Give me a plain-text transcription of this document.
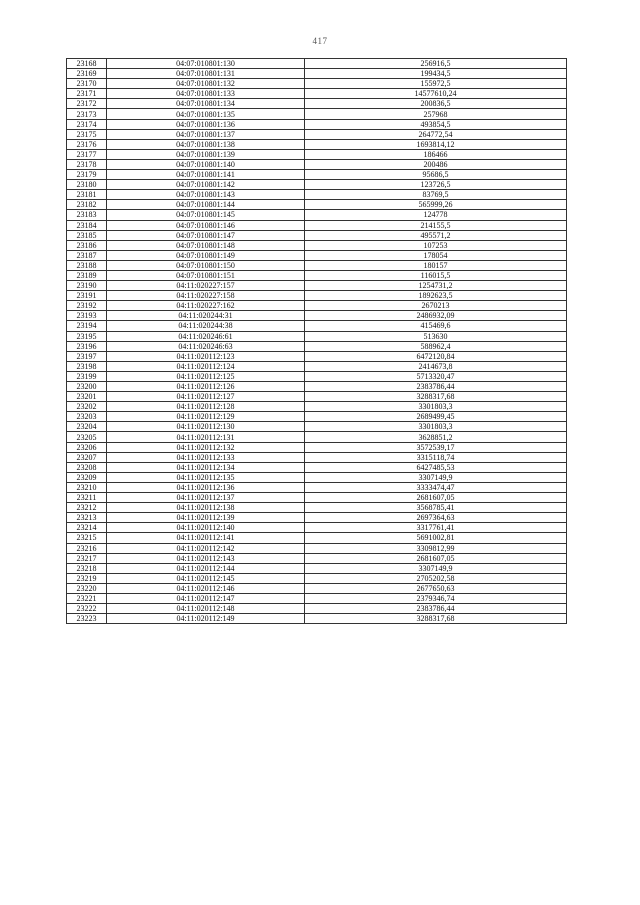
417
23168	04:07:010801:130	256916,5
23169	04:07:010801:131	199434,5
23170	04:07:010801:132	155972,5
23171	04:07:010801:133	14577610,24
23172	04:07:010801:134	200836,5
23173	04:07:010801:135	257968
23174	04:07:010801:136	493854,5
23175	04:07:010801:137	264772,54
23176	04:07:010801:138	1693814,12
23177	04:07:010801:139	186466
23178	04:07:010801:140	200486
23179	04:07:010801:141	95686,5
23180	04:07:010801:142	123726,5
23181	04:07:010801:143	83769,5
23182	04:07:010801:144	565999,26
23183	04:07:010801:145	124778
23184	04:07:010801:146	214155,5
23185	04:07:010801:147	495571,2
23186	04:07:010801:148	107253
23187	04:07:010801:149	178054
23188	04:07:010801:150	180157
23189	04:07:010801:151	116015,5
23190	04:11:020227:157	1254731,2
23191	04:11:020227:158	1892623,5
23192	04:11:020227:162	2670213
23193	04:11:020244:31	2486932,09
23194	04:11:020244:38	415469,6
23195	04:11:020246:61	513630
23196	04:11:020246:63	588962,4
23197	04:11:020112:123	6472120,84
23198	04:11:020112:124	2414673,8
23199	04:11:020112:125	5713320,47
23200	04:11:020112:126	2383786,44
23201	04:11:020112:127	3288317,68
23202	04:11:020112:128	3301803,3
23203	04:11:020112:129	2689499,45
23204	04:11:020112:130	3301803,3
23205	04:11:020112:131	3628851,2
23206	04:11:020112:132	3572539,17
23207	04:11:020112:133	3315118,74
23208	04:11:020112:134	6427485,53
23209	04:11:020112:135	3307149,9
23210	04:11:020112:136	3333474,47
23211	04:11:020112:137	2681607,05
23212	04:11:020112:138	3568785,41
23213	04:11:020112:139	2697364,63
23214	04:11:020112:140	3317761,41
23215	04:11:020112:141	5691002,81
23216	04:11:020112:142	3309812,99
23217	04:11:020112:143	2681607,05
23218	04:11:020112:144	3307149,9
23219	04:11:020112:145	2705202,58
23220	04:11:020112:146	2677650,63
23221	04:11:020112:147	2379346,74
23222	04:11:020112:148	2383786,44
23223	04:11:020112:149	3288317,68
